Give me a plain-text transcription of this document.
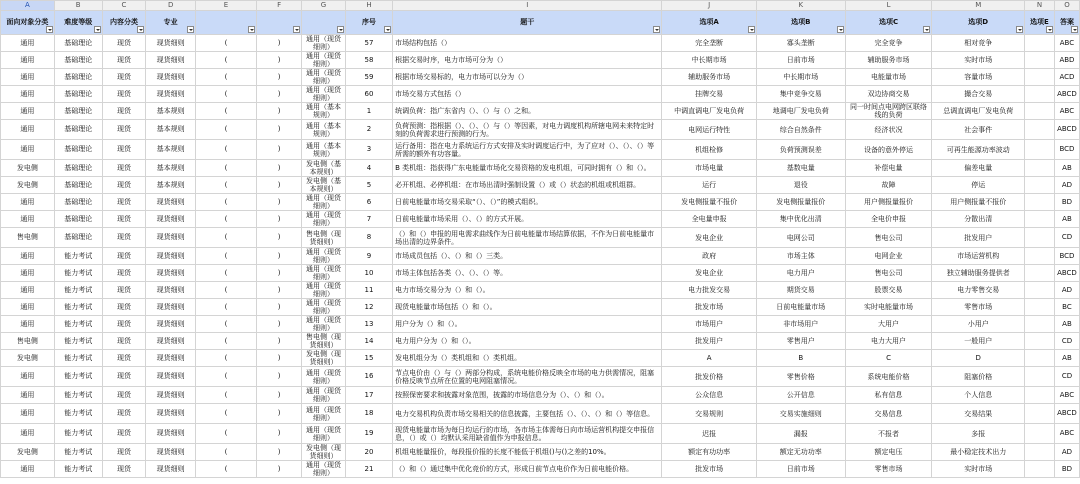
A	B	C	D	E	F	G	H	I	J	K	L	M	N	O
面向对象分类	难度等级	内容分类	专业				序号	题干	选项A	选项B	选项C	选项D	选项E	答案

通用	基础理论	现货	现货细则	(	)	通用（现货细则）	57	市场结构包括（）	完全垄断	寡头垄断	完全竞争	相对竞争		ABC
通用	基础理论	现货	现货细则	(	)	通用（现货细则）	58	根据交易时序，电力市场可分为（）	中长期市场	日前市场	辅助服务市场	实时市场		ABD
通用	基础理论	现货	现货细则	(	)	通用（现货细则）	59	根据市场交易标的，电力市场可以分为（）	辅助服务市场	中长期市场	电能量市场	容量市场		ACD
通用	基础理论	现货	现货细则	(	)	通用（现货细则）	60	市场交易方式包括（）	挂牌交易	集中竞争交易	双边协商交易	撮合交易		ABCD
通用	基础理论	现货	基本规则	(	)	通用（基本规则）	1	统调负荷：指广东省内（）、（）与（）之和。	中调直调电厂发电负荷	地调电厂发电负荷	同一时间点电网跨区联络线的负荷	总调直调电厂发电负荷		ABC
通用	基础理论	现货	基本规则	(	)	通用（基本规则）	2	负荷预测：指根据（）、（）、（）与（）等因素，对电力调度机构所辖电网未来特定时刻的负荷需求进行预测的行为。	电网运行特性	综合自然条件	经济状况	社会事件		ABCD
通用	基础理论	现货	基本规则	(	)	通用（基本规则）	3	运行备用：指在电力系统运行方式安排及实时调度运行中，为了应对（）、（）、（）等所需的额外有功容量。	机组检修	负荷预测误差	设备的意外停运	可再生能源功率波动		BCD
发电侧	基础理论	现货	基本规则	(	)	发电侧（基本规则）	4	B 类机组：指获得广东电能量市场化交易资格的发电机组，可同时拥有（）和（）。	市场电量	基数电量	补偿电量	偏差电量		AB
发电侧	基础理论	现货	基本规则	(	)	发电侧（基本规则）	5	必开机组、必停机组：在市场出清时强制设置（）或（）状态的机组或机组群。	运行	退役	故障	停运		AD
通用	基础理论	现货	现货细则	(	)	通用（现货细则）	6	日前电能量市场交易采取“（）、（）”的模式组织。	发电侧报量不报价	发电侧报量报价	用户侧报量报价	用户侧报量不报价		BD
通用	基础理论	现货	现货细则	(	)	通用（现货细则）	7	日前电能量市场采用（）、（）的方式开展。	全电量申报	集中优化出清	全电价申报	分散出清		AB
售电侧	基础理论	现货	现货细则	(	)	售电侧（现货细则）	8	（）和（）申报的用电需求曲线作为日前电能量市场结算依据，不作为日前电能量市场出清的边界条件。	发电企业	电网公司	售电公司	批发用户		CD
通用	能力考试	现货	现货细则	(	)	通用（现货细则）	9	市场成员包括（）、（）和（）三类。	政府	市场主体	电网企业	市场运营机构		BCD
通用	能力考试	现货	现货细则	(	)	通用（现货细则）	10	市场主体包括各类（）、（）、（）等。	发电企业	电力用户	售电公司	独立辅助服务提供者		ABCD
通用	能力考试	现货	现货细则	(	)	通用（现货细则）	11	电力市场交易分为（）和（）。	电力批发交易	期货交易	股票交易	电力零售交易		AD
通用	能力考试	现货	现货细则	(	)	通用（现货细则）	12	现货电能量市场包括（）和（）。	批发市场	日前电能量市场	实时电能量市场	零售市场		BC
通用	能力考试	现货	现货细则	(	)	通用（现货细则）	13	用户分为（）和（）。	市场用户	非市场用户	大用户	小用户		AB
售电侧	能力考试	现货	现货细则	(	)	售电侧（现货细则）	14	电力用户分为（）和（）。	批发用户	零售用户	电力大用户	一般用户		CD
发电侧	能力考试	现货	现货细则	(	)	发电侧（现货细则）	15	发电机组分为（）类机组和（）类机组。	A	B	C	D		AB
通用	能力考试	现货	现货细则	(	)	通用（现货细则）	16	节点电价由（）与（）两部分构成，系统电能价格反映全市场的电力供需情况，阻塞价格反映节点所在位置的电网阻塞情况。	批发价格	零售价格	系统电能价格	阻塞价格		CD
通用	能力考试	现货	现货细则	(	)	通用（现货细则）	17	按照保密要求和披露对象范围，披露的市场信息分为（）、（）和（）。	公众信息	公开信息	私有信息	个人信息		ABC
通用	能力考试	现货	现货细则	(	)	通用（现货细则）	18	电力交易机构负责市场交易相关的信息披露，主要包括（）、（）、（）和（）等信息。	交易规则	交易实施细则	交易信息	交易结果		ABCD
通用	能力考试	现货	现货细则	(	)	通用（现货细则）	19	现货电能量市场为每日均运行的市场，各市场主体需每日向市场运营机构提交申报信息，（）或（）均默认采用缺省值作为申报信息。	迟报	漏报	不报者	多报		ABC
发电侧	能力考试	现货	现货细则	(	)	发电侧（现货细则）	20	机组电能量报价，每段报价报的长度不能低于机组()与()之差的10%。	额定有功功率	额定无功功率	额定电压	最小稳定技术出力		AD
通用	能力考试	现货	现货细则	(	)	通用（现货细则）	21	（）和（）通过集中优化竞价的方式，形成日前节点电价作为日前电能价格。	批发市场	日前市场	零售市场	实时市场		BD
